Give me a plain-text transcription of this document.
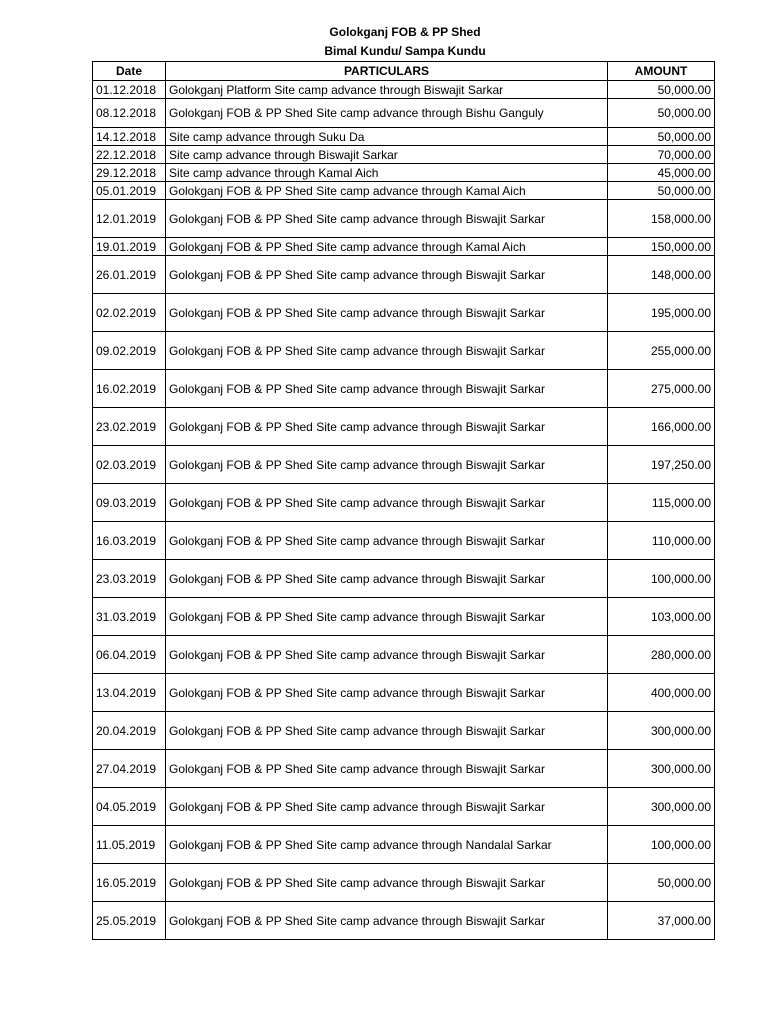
Golokganj FOB & PP Shed
Bimal Kundu/ Sampa Kundu
Date	PARTICULARS	AMOUNT
01.12.2018	Golokganj Platform Site camp advance through Biswajit Sarkar	50,000.00
08.12.2018	Golokganj FOB & PP Shed Site camp advance through Bishu Ganguly	50,000.00
14.12.2018	Site camp advance through Suku Da	50,000.00
22.12.2018	Site camp advance through Biswajit Sarkar	70,000.00
29.12.2018	Site camp advance through Kamal Aich	45,000.00
05.01.2019	Golokganj FOB & PP Shed Site camp advance through Kamal Aich	50,000.00
12.01.2019	Golokganj FOB & PP Shed Site camp advance through Biswajit Sarkar	158,000.00
19.01.2019	Golokganj FOB & PP Shed Site camp advance through Kamal Aich	150,000.00
26.01.2019	Golokganj FOB & PP Shed Site camp advance through Biswajit Sarkar	148,000.00
02.02.2019	Golokganj FOB & PP Shed Site camp advance through Biswajit Sarkar	195,000.00
09.02.2019	Golokganj FOB & PP Shed Site camp advance through Biswajit Sarkar	255,000.00
16.02.2019	Golokganj FOB & PP Shed Site camp advance through Biswajit Sarkar	275,000.00
23.02.2019	Golokganj FOB & PP Shed Site camp advance through Biswajit Sarkar	166,000.00
02.03.2019	Golokganj FOB & PP Shed Site camp advance through Biswajit Sarkar	197,250.00
09.03.2019	Golokganj FOB & PP Shed Site camp advance through Biswajit Sarkar	115,000.00
16.03.2019	Golokganj FOB & PP Shed Site camp advance through Biswajit Sarkar	110,000.00
23.03.2019	Golokganj FOB & PP Shed Site camp advance through Biswajit Sarkar	100,000.00
31.03.2019	Golokganj FOB & PP Shed Site camp advance through Biswajit Sarkar	103,000.00
06.04.2019	Golokganj FOB & PP Shed Site camp advance through Biswajit Sarkar	280,000.00
13.04.2019	Golokganj FOB & PP Shed Site camp advance through Biswajit Sarkar	400,000.00
20.04.2019	Golokganj FOB & PP Shed Site camp advance through Biswajit Sarkar	300,000.00
27.04.2019	Golokganj FOB & PP Shed Site camp advance through Biswajit Sarkar	300,000.00
04.05.2019	Golokganj FOB & PP Shed Site camp advance through Biswajit Sarkar	300,000.00
11.05.2019	Golokganj FOB & PP Shed Site camp advance through Nandalal Sarkar	100,000.00
16.05.2019	Golokganj FOB & PP Shed Site camp advance through Biswajit Sarkar	50,000.00
25.05.2019	Golokganj FOB & PP Shed Site camp advance through Biswajit Sarkar	37,000.00
